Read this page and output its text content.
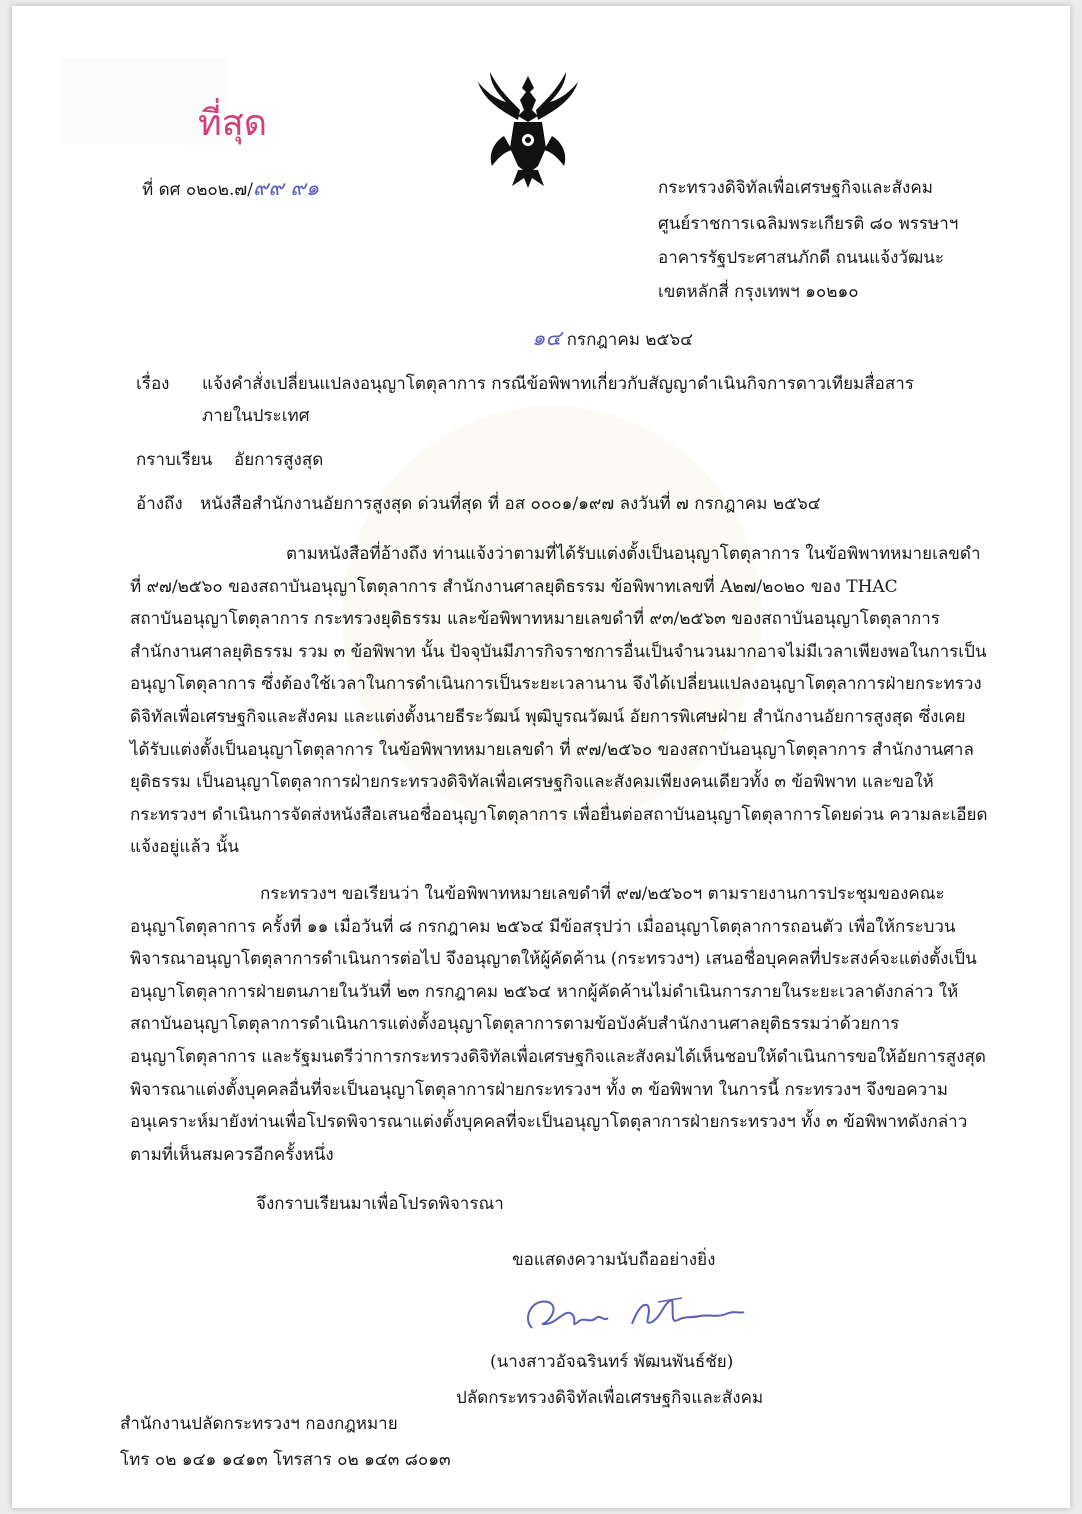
ที่สุด
ที่ ดศ ๐๒๐๒.๗/๙๙ ๙๑	กระทรวงดิจิทัลเพื่อเศรษฐกิจและสังคม
ศูนย์ราชการเฉลิมพระเกียรติ ๘๐ พรรษาฯ
อาคารรัฐประศาสนภักดี ถนนแจ้งวัฒนะ
เขตหลักสี่ กรุงเทพฯ ๑๐๒๑๐
๑๔ กรกฎาคม ๒๕๖๔
เรื่อง แจ้งคำสั่งเปลี่ยนแปลงอนุญาโตตุลาการ กรณีข้อพิพาทเกี่ยวกับสัญญาดำเนินกิจการดาวเทียมสื่อสาร
ภายในประเทศ
กราบเรียน อัยการสูงสุด
อ้างถึง หนังสือสำนักงานอัยการสูงสุด ด่วนที่สุด ที่ อส ๐๐๐๑/๑๙๗ ลงวันที่ ๗ กรกฎาคม ๒๕๖๔
ตามหนังสือที่อ้างถึง ท่านแจ้งว่าตามที่ได้รับแต่งตั้งเป็นอนุญาโตตุลาการ ในข้อพิพาทหมายเลขดำ
ที่ ๙๗/๒๕๖๐ ของสถาบันอนุญาโตตุลาการ สำนักงานศาลยุติธรรม ข้อพิพาทเลขที่ A๒๗/๒๐๒๐ ของ THAC
สถาบันอนุญาโตตุลาการ กระทรวงยุติธรรม และข้อพิพาทหมายเลขดำที่ ๙๓/๒๕๖๓ ของสถาบันอนุญาโตตุลาการ
สำนักงานศาลยุติธรรม รวม ๓ ข้อพิพาท นั้น ปัจจุบันมีภารกิจราชการอื่นเป็นจำนวนมากอาจไม่มีเวลาเพียงพอในการเป็น
อนุญาโตตุลาการ ซึ่งต้องใช้เวลาในการดำเนินการเป็นระยะเวลานาน จึงได้เปลี่ยนแปลงอนุญาโตตุลาการฝ่ายกระทรวง
ดิจิทัลเพื่อเศรษฐกิจและสังคม และแต่งตั้งนายธีระวัฒน์ พุฒิบูรณวัฒน์ อัยการพิเศษฝ่าย สำนักงานอัยการสูงสุด ซึ่งเคย
ได้รับแต่งตั้งเป็นอนุญาโตตุลาการ ในข้อพิพาทหมายเลขดำ ที่ ๙๗/๒๕๖๐ ของสถาบันอนุญาโตตุลาการ สำนักงานศาล
ยุติธรรม เป็นอนุญาโตตุลาการฝ่ายกระทรวงดิจิทัลเพื่อเศรษฐกิจและสังคมเพียงคนเดียวทั้ง ๓ ข้อพิพาท และขอให้
กระทรวงฯ ดำเนินการจัดส่งหนังสือเสนอชื่ออนุญาโตตุลาการ เพื่อยื่นต่อสถาบันอนุญาโตตุลาการโดยด่วน ความละเอียด
แจ้งอยู่แล้ว นั้น
กระทรวงฯ ขอเรียนว่า ในข้อพิพาทหมายเลขดำที่ ๙๗/๒๕๖๐ฯ ตามรายงานการประชุมของคณะ
อนุญาโตตุลาการ ครั้งที่ ๑๑ เมื่อวันที่ ๘ กรกฎาคม ๒๕๖๔ มีข้อสรุปว่า เมื่ออนุญาโตตุลาการถอนตัว เพื่อให้กระบวน
พิจารณาอนุญาโตตุลาการดำเนินการต่อไป จึงอนุญาตให้ผู้คัดค้าน (กระทรวงฯ) เสนอชื่อบุคคลที่ประสงค์จะแต่งตั้งเป็น
อนุญาโตตุลาการฝ่ายตนภายในวันที่ ๒๓ กรกฎาคม ๒๕๖๔ หากผู้คัดค้านไม่ดำเนินการภายในระยะเวลาดังกล่าว ให้
สถาบันอนุญาโตตุลาการดำเนินการแต่งตั้งอนุญาโตตุลาการตามข้อบังคับสำนักงานศาลยุติธรรมว่าด้วยการ
อนุญาโตตุลาการ และรัฐมนตรีว่าการกระทรวงดิจิทัลเพื่อเศรษฐกิจและสังคมได้เห็นชอบให้ดำเนินการขอให้อัยการสูงสุด
พิจารณาแต่งตั้งบุคคลอื่นที่จะเป็นอนุญาโตตุลาการฝ่ายกระทรวงฯ ทั้ง ๓ ข้อพิพาท ในการนี้ กระทรวงฯ จึงขอความ
อนุเคราะห์มายังท่านเพื่อโปรดพิจารณาแต่งตั้งบุคคลที่จะเป็นอนุญาโตตุลาการฝ่ายกระทรวงฯ ทั้ง ๓ ข้อพิพาทดังกล่าว
ตามที่เห็นสมควรอีกครั้งหนึ่ง
จึงกราบเรียนมาเพื่อโปรดพิจารณา
ขอแสดงความนับถืออย่างยิ่ง
(นางสาวอัจฉรินทร์ พัฒนพันธ์ชัย)
ปลัดกระทรวงดิจิทัลเพื่อเศรษฐกิจและสังคม
สำนักงานปลัดกระทรวงฯ กองกฎหมาย
โทร ๐๒ ๑๔๑ ๑๔๑๓ โทรสาร ๐๒ ๑๔๓ ๘๐๑๓
